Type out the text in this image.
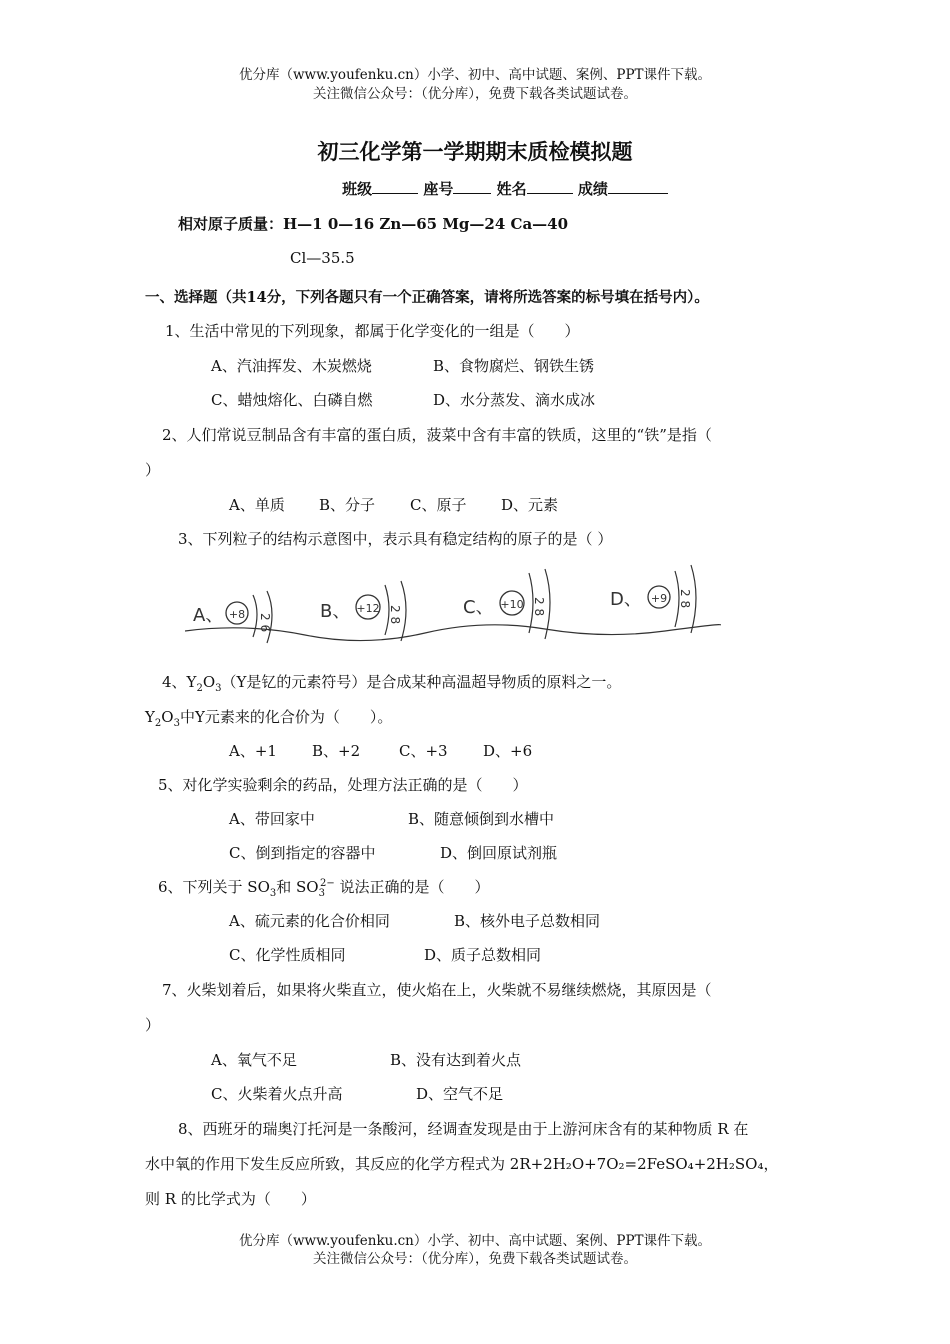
优分库（www.youfenku.cn）小学、初中、高中试题、案例、PPT课件下载。
关注微信公众号：（优分库），免费下载各类试题试卷。
初三化学第一学期期末质检模拟题
班级	座号	姓名	成绩
相对原子质量：H—1 0—16 Zn—65 Mg—24 Ca—40
Cl—35.5
一、选择题（共14分，下列各题只有一个正确答案，请将所选答案的标号填在括号内）。
1、生活中常见的下列现象，都属于化学变化的一组是（　　）
A、汽油挥发、木炭燃烧	B、食物腐烂、钢铁生锈
C、蜡烛熔化、白磷自燃	D、水分蒸发、滴水成冰
2、人们常说豆制品含有丰富的蛋白质，菠菜中含有丰富的铁质，这里的“铁”是指（
）
A、单质 B、分子 C、原子 D、元素
3、下列粒子的结构示意图中，表示具有稳定结构的原子的是（ ）
A、 +8 2 6
B、 +12 2 8	C、 +10 2 8	D、 +9 2 8
4、$Y_2O_3(Y$是钇的元素符号）是合成某种高温超导物质的原料之一。
$Y_2O_3$中Y元素来的化合价为（　　）。
A、+1 B、+2	C、+3 D、+6
5、对化学实验剩余的药品，处理方法正确的是（　　）
A、带回家中	B、随意倾倒到水槽中
C、倒到指定的容器中	D、倒回原试剂瓶
6、下列关于 $SO_3$和 $SO_3^{2-}$ 说法正确的是（　　）
A、硫元素的化合价相同	B、核外电子总数相同
C、化学性质相同	D、质子总数相同
7、火柴划着后，如果将火柴直立，使火焰在上，火柴就不易继续燃烧，其原因是（
）
A、氧气不足	B、没有达到着火点
C、火柴着火点升高	D、空气不足
8、西班牙的瑞奥汀托河是一条酸河，经调查发现是由于上游河床含有的某种物质 R 在
水中氧的作用下发生反应所致，其反应的化学方程式为 2R+2H₂O+7O₂=2FeSO₄+2H₂SO₄，
则 R 的比学式为（　　）
优分库（www.youfenku.cn）小学、初中、高中试题、案例、PPT课件下载。
关注微信公众号：（优分库），免费下载各类试题试卷。
